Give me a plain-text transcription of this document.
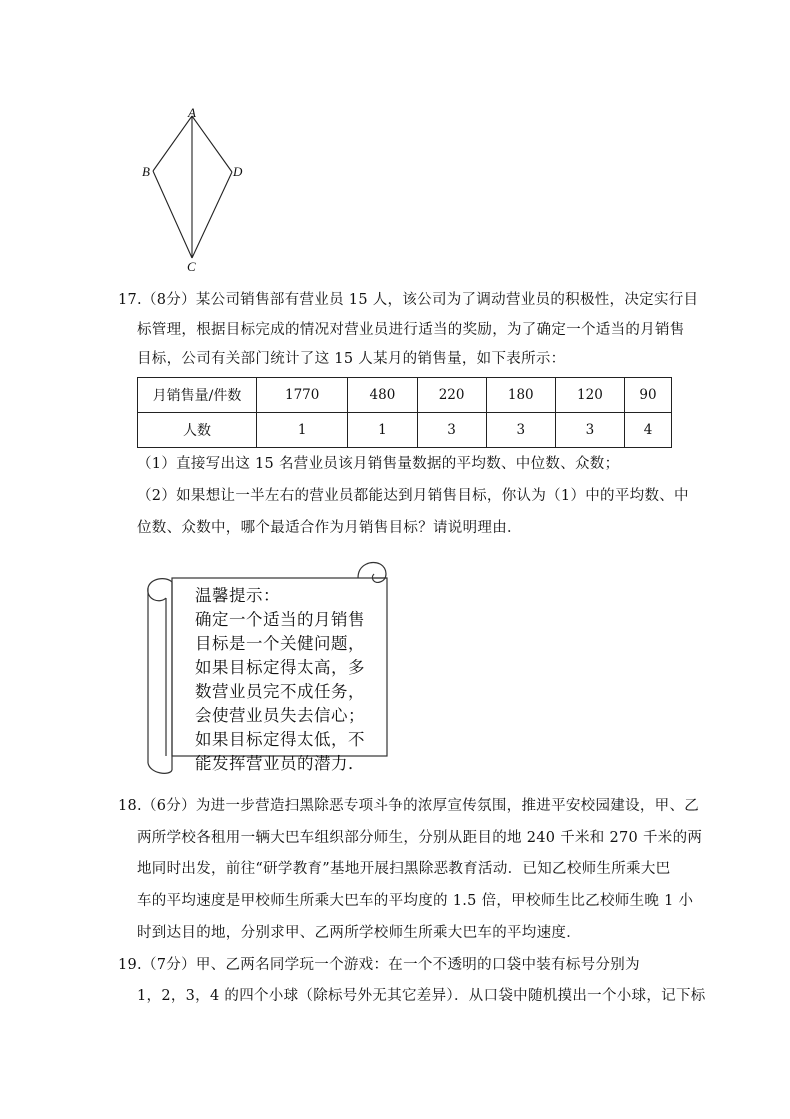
A
B	D
C
17.（8分）某公司销售部有营业员 15 人，该公司为了调动营业员的积极性，决定实行目
标管理，根据目标完成的情况对营业员进行适当的奖励，为了确定一个适当的月销售
目标，公司有关部门统计了这 15 人某月的销售量，如下表所示：
月销售量/件数	1770	480	220	180	120	90
人数	1	1	3	3	3	4
（1）直接写出这 15 名营业员该月销售量数据的平均数、中位数、众数；
（2）如果想让一半左右的营业员都能达到月销售目标，你认为（1）中的平均数、中
位数、众数中，哪个最适合作为月销售目标？请说明理由．
温馨提示：
确定一个适当的月销售
目标是一个关健问题，
如果目标定得太高，多
数营业员完不成任务，
会使营业员失去信心；
如果目标定得太低，不
能发挥营业员的潜力．
18.（6分）为进一步营造扫黑除恶专项斗争的浓厚宣传氛围，推进平安校园建设，甲、乙
两所学校各租用一辆大巴车组织部分师生，分别从距目的地 240 千米和 270 千米的两
地同时出发，前往“研学教育”基地开展扫黑除恶教育活动．已知乙校师生所乘大巴
车的平均速度是甲校师生所乘大巴车的平均度的 1.5 倍，甲校师生比乙校师生晚 1 小
时到达目的地，分别求甲、乙两所学校师生所乘大巴车的平均速度．
19.（7分）甲、乙两名同学玩一个游戏：在一个不透明的口袋中装有标号分别为
1，2，3，4 的四个小球（除标号外无其它差异）．从口袋中随机摸出一个小球，记下标
